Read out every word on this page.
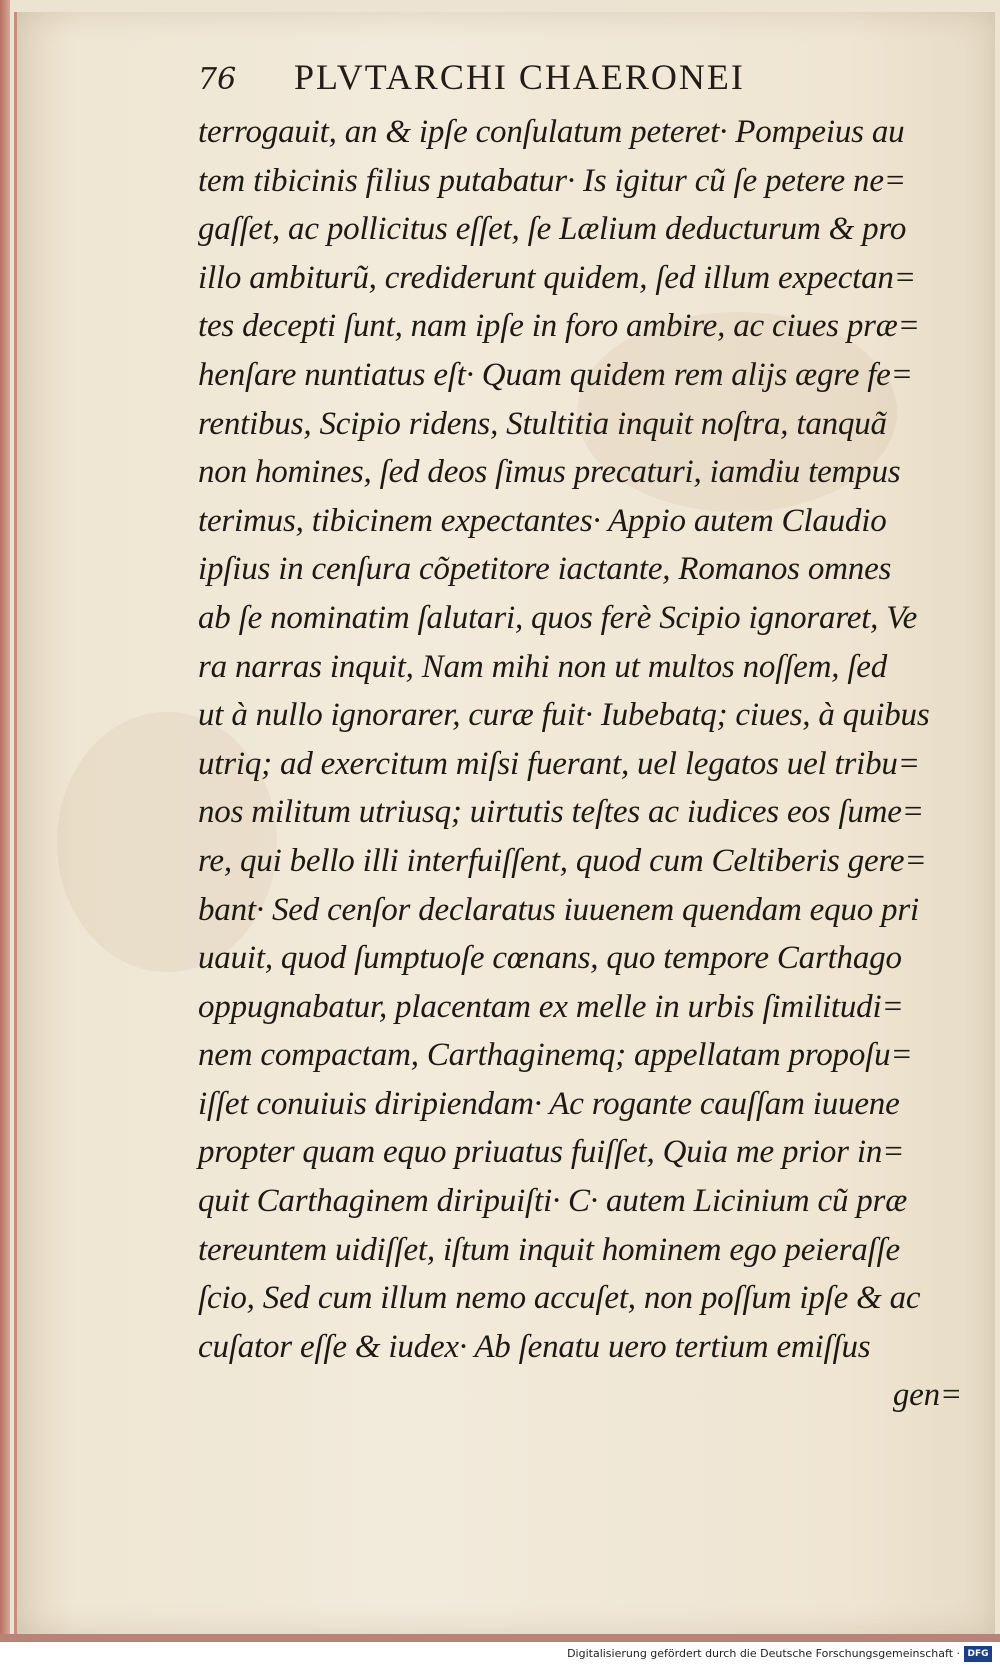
76	PLVTARCHI CHAERONEI
terrogauit, an & ipſe conſulatum peteret· Pompeius au
tem tibicinis filius putabatur· Is igitur cũ ſe petere ne=
gaſſet, ac pollicitus eſſet, ſe Lælium deducturum & pro
illo ambiturũ, crediderunt quidem, ſed illum expectan=
tes decepti ſunt, nam ipſe in foro ambire, ac ciues præ=
henſare nuntiatus eſt· Quam quidem rem alijs ægre fe=
rentibus, Scipio ridens, Stultitia inquit noſtra, tanquã
non homines, ſed deos ſimus precaturi, iamdiu tempus
terimus, tibicinem expectantes· Appio autem Claudio
ipſius in cenſura cõpetitore iactante, Romanos omnes
ab ſe nominatim ſalutari, quos ferè Scipio ignoraret, Ve
ra narras inquit, Nam mihi non ut multos noſſem, ſed
ut à nullo ignorarer, curæ fuit· Iubebatq; ciues, à quibus
utriq; ad exercitum miſsi fuerant, uel legatos uel tribu=
nos militum utriusq; uirtutis teſtes ac iudices eos ſume=
re, qui bello illi interfuiſſent, quod cum Celtiberis gere=
bant· Sed cenſor declaratus iuuenem quendam equo pri
uauit, quod ſumptuoſe cœnans, quo tempore Carthago
oppugnabatur, placentam ex melle in urbis ſimilitudi=
nem compactam, Carthaginemq; appellatam propoſu=
iſſet conuiuis diripiendam· Ac rogante cauſſam iuuene
propter quam equo priuatus fuiſſet, Quia me prior in=
quit Carthaginem diripuiſti· C· autem Licinium cũ præ
tereuntem uidiſſet, iſtum inquit hominem ego peieraſſe
ſcio, Sed cum illum nemo accuſet, non poſſum ipſe & ac
cuſator eſſe & iudex· Ab ſenatu uero tertium emiſſus
gen=
Digitalisierung gefördert durch die Deutsche Forschungsgemeinschaft · DFG
